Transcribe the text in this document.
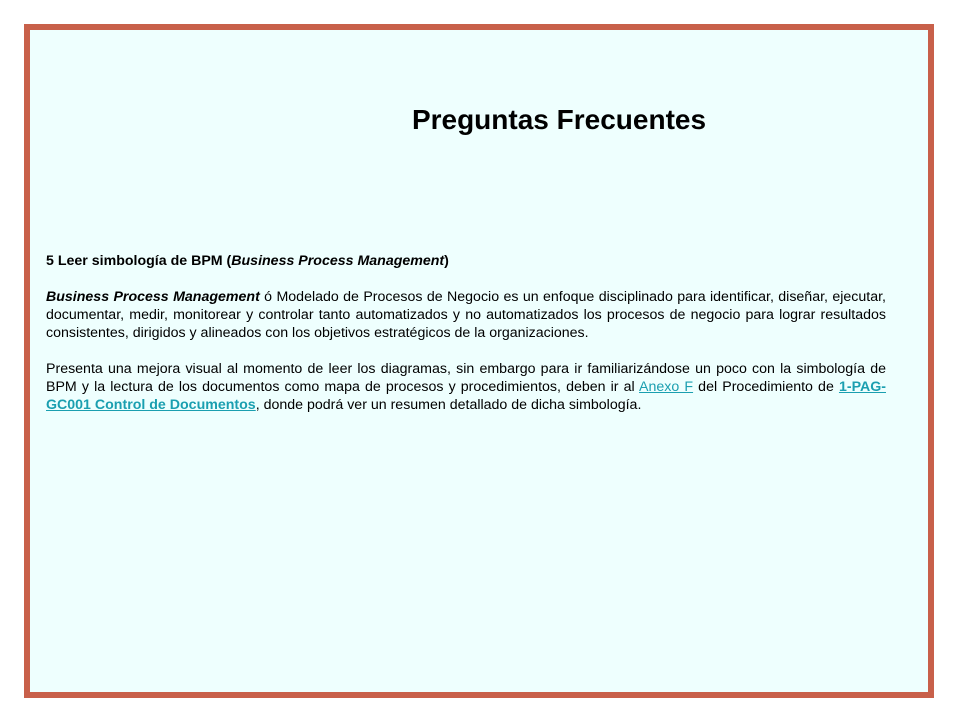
Preguntas Frecuentes

5 Leer simbología de BPM (Business Process Management)

Business Process Management ó Modelado de Procesos de Negocio es un enfoque disciplinado para identificar, diseñar, ejecutar, documentar, medir, monitorear y controlar tanto automatizados y no automatizados los procesos de negocio para lograr resultados consistentes, dirigidos y alineados con los objetivos estratégicos de la organizaciones.

Presenta una mejora visual al momento de leer los diagramas, sin embargo para ir familiarizándose un poco con la simbología de BPM y la lectura de los documentos como mapa de procesos y procedimientos, deben ir al Anexo F del Procedimiento de 1-PAG-GC001 Control de Documentos, donde podrá ver un resumen detallado de dicha simbología.
